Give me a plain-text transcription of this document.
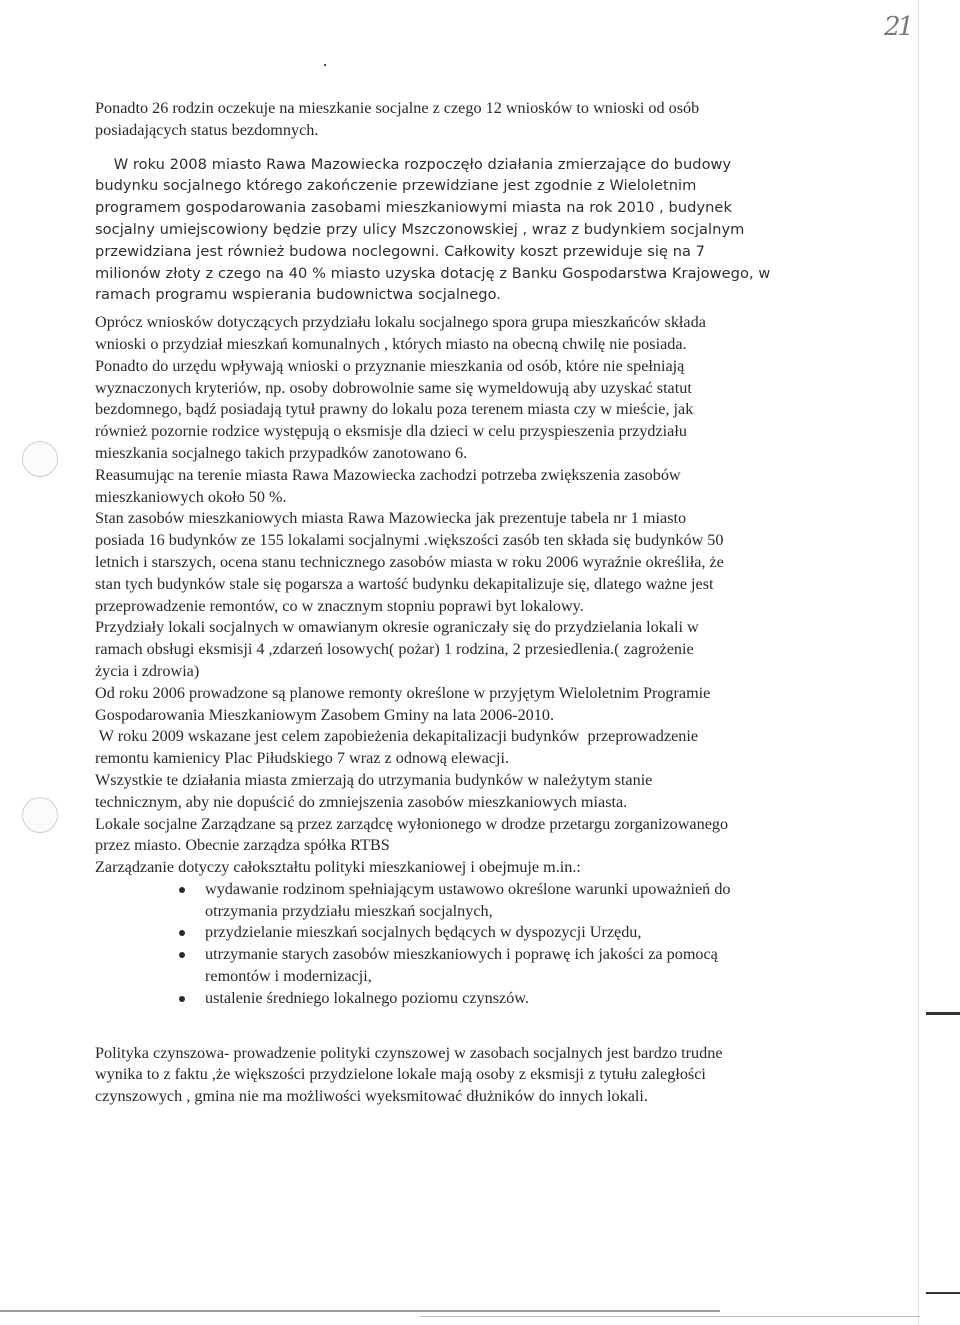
21
Ponadto 26 rodzin oczekuje na mieszkanie socjalne z czego 12 wniosków to wnioski od osób
posiadających status bezdomnych.
W roku 2008 miasto Rawa Mazowiecka rozpoczęło działania zmierzające do budowy
budynku socjalnego którego zakończenie przewidziane jest zgodnie z Wieloletnim
programem gospodarowania zasobami mieszkaniowymi miasta na rok 2010 , budynek
socjalny umiejscowiony będzie przy ulicy Mszczonowskiej , wraz z budynkiem socjalnym
przewidziana jest również budowa noclegowni. Całkowity koszt przewiduje się na 7
milionów złoty z czego na 40 % miasto uzyska dotację z Banku Gospodarstwa Krajowego, w
ramach programu wspierania budownictwa socjalnego.
Oprócz wniosków dotyczących przydziału lokalu socjalnego spora grupa mieszkańców składa
wnioski o przydział mieszkań komunalnych , których miasto na obecną chwilę nie posiada.
Ponadto do urzędu wpływają wnioski o przyznanie mieszkania od osób, które nie spełniają
wyznaczonych kryteriów, np. osoby dobrowolnie same się wymeldowują aby uzyskać statut
bezdomnego, bądź posiadają tytuł prawny do lokalu poza terenem miasta czy w mieście, jak
również pozornie rodzice występują o eksmisje dla dzieci w celu przyspieszenia przydziału
mieszkania socjalnego takich przypadków zanotowano 6.
Reasumując na terenie miasta Rawa Mazowiecka zachodzi potrzeba zwiększenia zasobów
mieszkaniowych około 50 %.
Stan zasobów mieszkaniowych miasta Rawa Mazowiecka jak prezentuje tabela nr 1 miasto
posiada 16 budynków ze 155 lokalami socjalnymi .większości zasób ten składa się budynków 50
letnich i starszych, ocena stanu technicznego zasobów miasta w roku 2006 wyraźnie określiła, że
stan tych budynków stale się pogarsza a wartość budynku dekapitalizuje się, dlatego ważne jest
przeprowadzenie remontów, co w znacznym stopniu poprawi byt lokalowy.
Przydziały lokali socjalnych w omawianym okresie ograniczały się do przydzielania lokali w
ramach obsługi eksmisji 4 ,zdarzeń losowych( pożar) 1 rodzina, 2 przesiedlenia.( zagrożenie
życia i zdrowia)
Od roku 2006 prowadzone są planowe remonty określone w przyjętym Wieloletnim Programie
Gospodarowania Mieszkaniowym Zasobem Gminy na lata 2006-2010.
W roku 2009 wskazane jest celem zapobieżenia dekapitalizacji budynków  przeprowadzenie
remontu kamienicy Plac Piłudskiego 7 wraz z odnową elewacji.
Wszystkie te działania miasta zmierzają do utrzymania budynków w należytym stanie
technicznym, aby nie dopuścić do zmniejszenia zasobów mieszkaniowych miasta.
Lokale socjalne Zarządzane są przez zarządcę wyłonionego w drodze przetargu zorganizowanego
przez miasto. Obecnie zarządza spółka RTBS
Zarządzanie dotyczy całokształtu polityki mieszkaniowej i obejmuje m.in.:
wydawanie rodzinom spełniającym ustawowo określone warunki upoważnień do
otrzymania przydziału mieszkań socjalnych,
przydzielanie mieszkań socjalnych będących w dyspozycji Urzędu,
utrzymanie starych zasobów mieszkaniowych i poprawę ich jakości za pomocą
remontów i modernizacji,
ustalenie średniego lokalnego poziomu czynszów.
Polityka czynszowa- prowadzenie polityki czynszowej w zasobach socjalnych jest bardzo trudne
wynika to z faktu ,że większości przydzielone lokale mają osoby z eksmisji z tytułu zaległości
czynszowych , gmina nie ma możliwości wyeksmitować dłużników do innych lokali.
